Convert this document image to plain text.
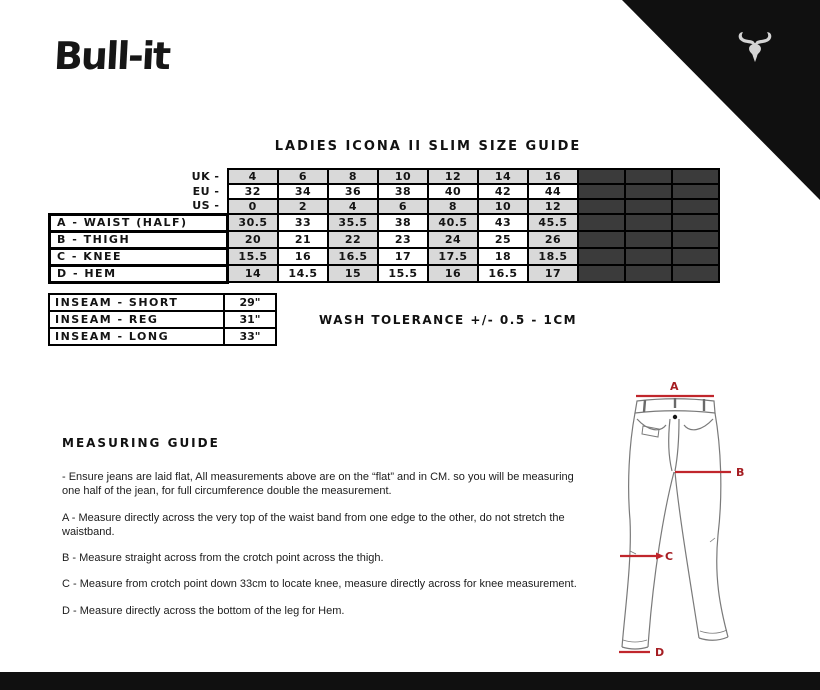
Bull-it
LADIES ICONA II SLIM SIZE GUIDE
UK -	4	6	8	10	12	14	16			
EU -	32	34	36	38	40	42	44			
US -	0	2	4	6	8	10	12			
A - WAIST (HALF)	30.5	33	35.5	38	40.5	43	45.5			
B - THIGH	20	21	22	23	24	25	26			
C - KNEE	15.5	16	16.5	17	17.5	18	18.5			
D - HEM	14	14.5	15	15.5	16	16.5	17			
INSEAM - SHORT	29"
INSEAM - REG	31"
INSEAM - LONG	33"
WASH TOLERANCE +/- 0.5 - 1CM
MEASURING GUIDE

- Ensure jeans are laid flat, All measurements above are on the “flat” and in CM. so you will be measuring one half of the jean, for full circumference double the measurement.

A - Measure directly across the very top of the waist band from one edge to the other, do not stretch the waistband.

B - Measure straight across from the crotch point across the thigh.

C - Measure from crotch point down 33cm to locate knee, measure directly across for knee measurement.

D - Measure directly across the bottom of the leg for Hem.

A
B
C
D
